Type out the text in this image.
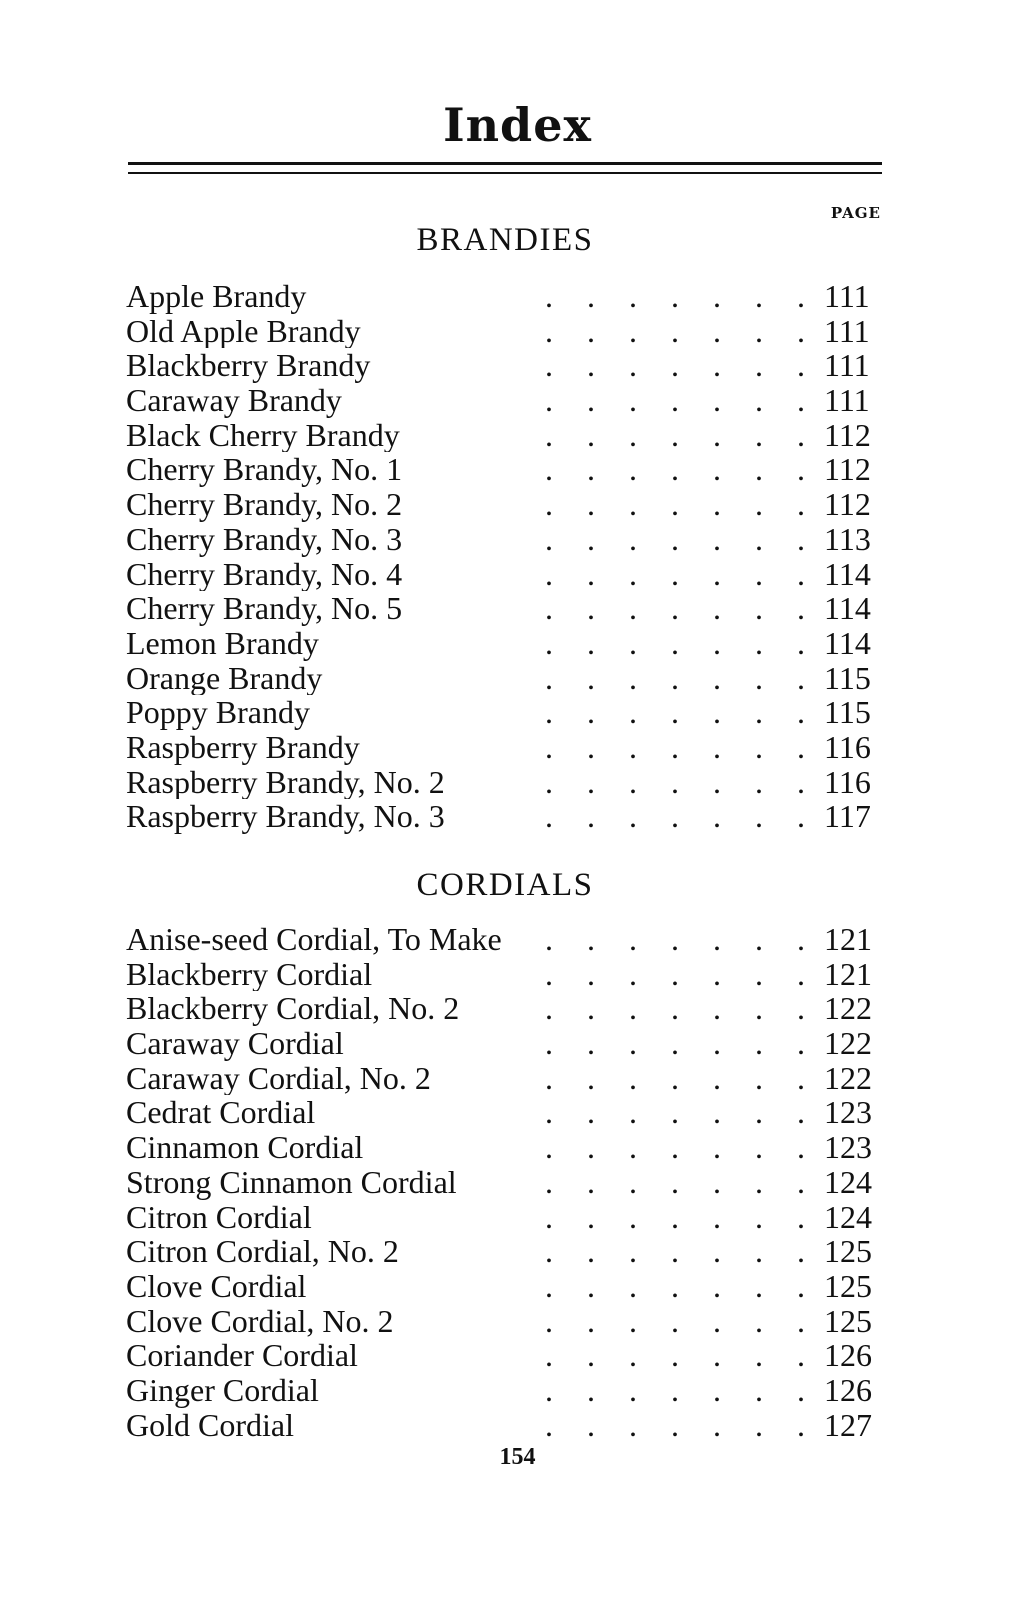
Index
PAGE
BRANDIES
. . . . . . .
Apple Brandy	111
. . . . . . .
Old Apple Brandy	111
. . . . . . .
Blackberry Brandy	111
. . . . . . .
Caraway Brandy	111
. . . . . . .
Black Cherry Brandy	112
. . . . . . .
Cherry Brandy, No. 1	112
. . . . . . .
Cherry Brandy, No. 2	112
. . . . . . .
Cherry Brandy, No. 3	113
. . . . . . .
Cherry Brandy, No. 4	114
. . . . . . .
Cherry Brandy, No. 5	114
. . . . . . .
Lemon Brandy	114
. . . . . . .
Orange Brandy	115
. . . . . . .
Poppy Brandy	115
. . . . . . .
Raspberry Brandy	116
. . . . . . .
Raspberry Brandy, No. 2	116
. . . . . . .
Raspberry Brandy, No. 3	117
CORDIALS
. . . . . . .
Anise-seed Cordial, To Make	121
. . . . . . .
Blackberry Cordial	121
. . . . . . .
Blackberry Cordial, No. 2	122
. . . . . . .
Caraway Cordial	122
. . . . . . .
Caraway Cordial, No. 2	122
. . . . . . .
Cedrat Cordial	123
. . . . . . .
Cinnamon Cordial	123
. . . . . . .
Strong Cinnamon Cordial	124
. . . . . . .
Citron Cordial	124
. . . . . . .
Citron Cordial, No. 2	125
. . . . . . .
Clove Cordial	125
. . . . . . .
Clove Cordial, No. 2	125
. . . . . . .
Coriander Cordial	126
. . . . . . .
Ginger Cordial	126
. . . . . . .
Gold Cordial	127
154
